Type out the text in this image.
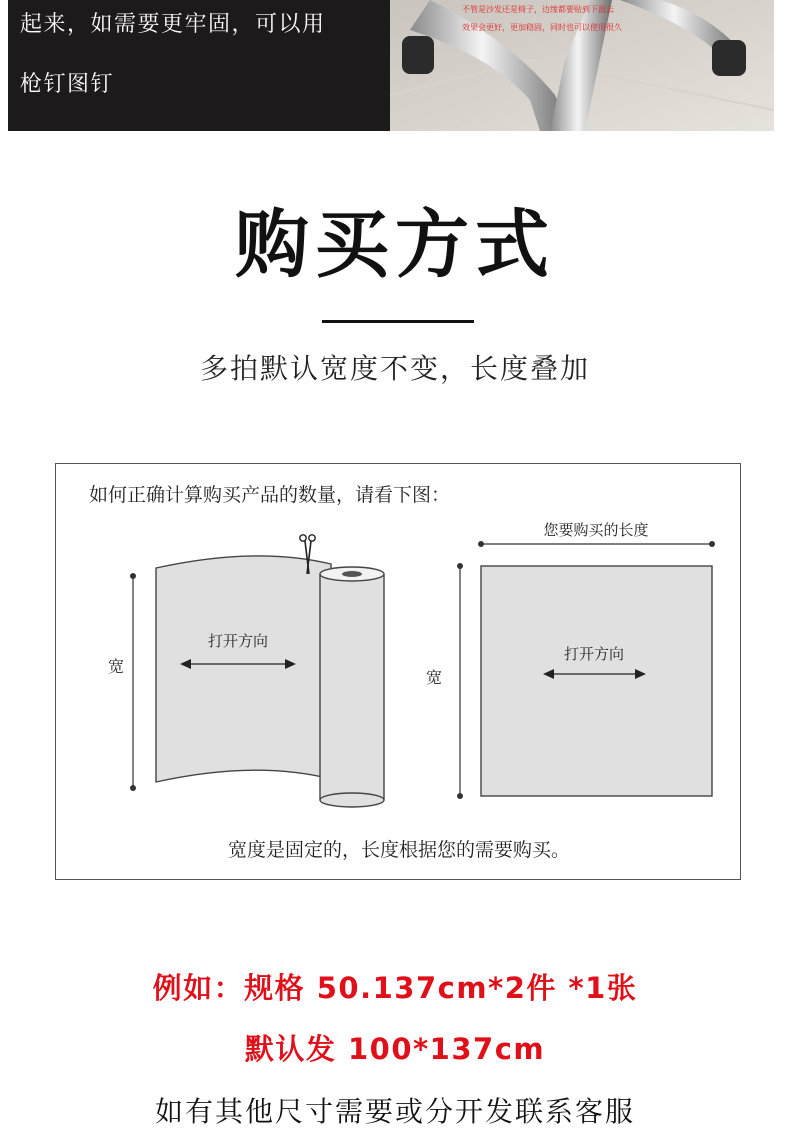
起来，如需要更牢固，可以用
枪钉图钉
不管是沙发还是椅子，边缘都要贴到下面去
效果会更好，更加稳固，同时也可以使用很久
购买方式
多拍默认宽度不变，长度叠加
如何正确计算购买产品的数量，请看下图：
宽
打开方向
您要购买的长度
宽
打开方向
宽度是固定的，长度根据您的需要购买。
例如：规格 50.137cm*2件 *1张
默认发 100*137cm
如有其他尺寸需要或分开发联系客服
